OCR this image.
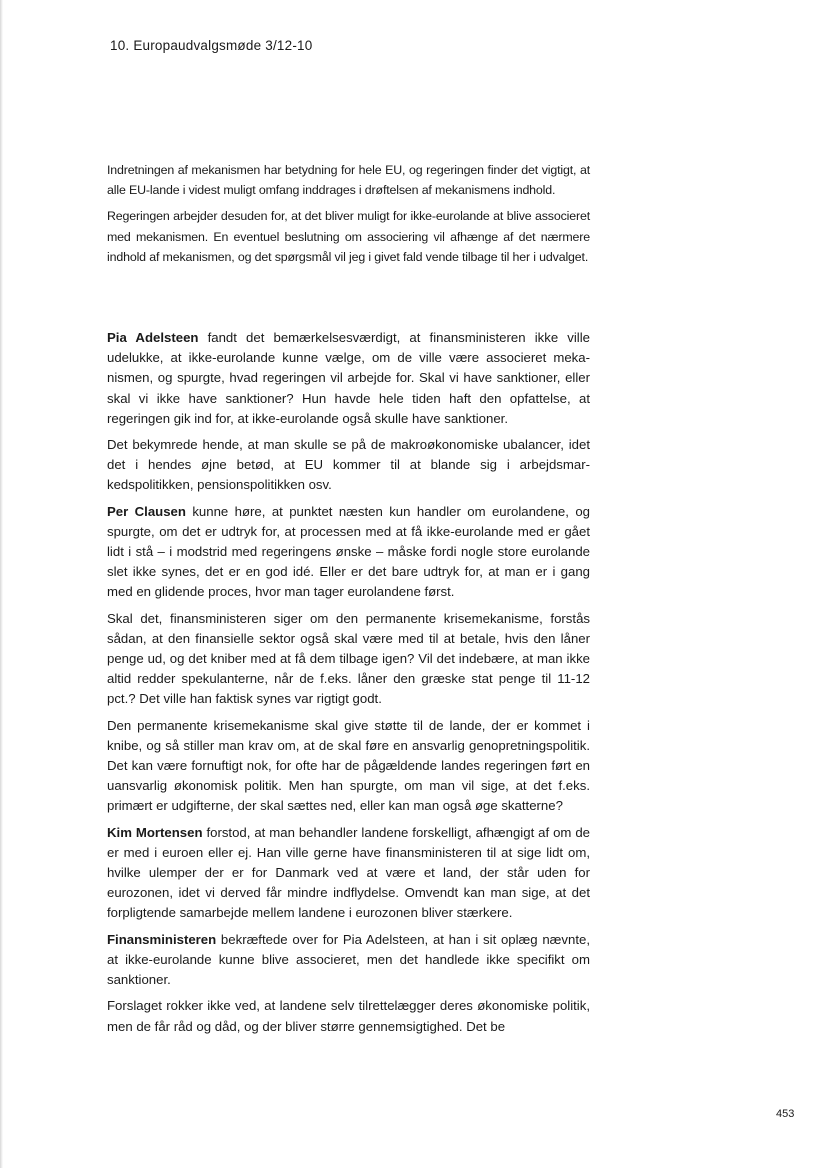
10. Europaudvalgsmøde 3/12-10

Indretningen af mekanismen har betydning for hele EU, og regeringen finder det vigtigt, at alle EU-lande i videst muligt omfang inddrages i drøftelsen af mekanismens indhold.

Regeringen arbejder desuden for, at det bliver muligt for ikke-eurolande at blive associeret med mekanismen. En eventuel beslutning om associering vil afhænge af det nærmere indhold af mekanismen, og det spørgsmål vil jeg i givet fald vende tilbage til her i udvalget.

Pia Adelsteen fandt det bemærkelsesværdigt, at finansministeren ikke ville udelukke, at ikke-eurolande kunne vælge, om de ville være associeret mekanismen, og spurgte, hvad regeringen vil arbejde for. Skal vi have sanktioner, eller skal vi ikke have sanktioner? Hun havde hele tiden haft den opfattelse, at regeringen gik ind for, at ikke-eurolande også skulle have sanktioner.

Det bekymrede hende, at man skulle se på de makroøkonomiske ubalancer, idet det i hendes øjne betød, at EU kommer til at blande sig i arbejdsmarkedspolitikken, pensionspolitikken osv.

Per Clausen kunne høre, at punktet næsten kun handler om eurolandene, og spurgte, om det er udtryk for, at processen med at få ikke-eurolande med er gået lidt i stå – i modstrid med regeringens ønske – måske fordi nogle store eurolande slet ikke synes, det er en god idé. Eller er det bare udtryk for, at man er i gang med en glidende proces, hvor man tager eurolandene først.

Skal det, finansministeren siger om den permanente krisemekanisme, forstås sådan, at den finansielle sektor også skal være med til at betale, hvis den låner penge ud, og det kniber med at få dem tilbage igen? Vil det indebære, at man ikke altid redder spekulanterne, når de f.eks. låner den græske stat penge til 11-12 pct.? Det ville han faktisk synes var rigtigt godt.

Den permanente krisemekanisme skal give støtte til de lande, der er kommet i knibe, og så stiller man krav om, at de skal føre en ansvarlig genopretningspolitik. Det kan være fornuftigt nok, for ofte har de pågældende landes regeringen ført en uansvarlig økonomisk politik. Men han spurgte, om man vil sige, at det f.eks. primært er udgifterne, der skal sættes ned, eller kan man også øge skatterne?

Kim Mortensen forstod, at man behandler landene forskelligt, afhængigt af om de er med i euroen eller ej. Han ville gerne have finansministeren til at sige lidt om, hvilke ulemper der er for Danmark ved at være et land, der står uden for eurozonen, idet vi derved får mindre indflydelse. Omvendt kan man sige, at det forpligtende samarbejde mellem landene i eurozonen bliver stærkere.

Finansministeren bekræftede over for Pia Adelsteen, at han i sit oplæg nævnte, at ikke-eurolande kunne blive associeret, men det handlede ikke specifikt om sanktioner.

Forslaget rokker ikke ved, at landene selv tilrettelægger deres økonomiske politik, men de får råd og dåd, og der bliver større gennemsigtighed. Det be

453
